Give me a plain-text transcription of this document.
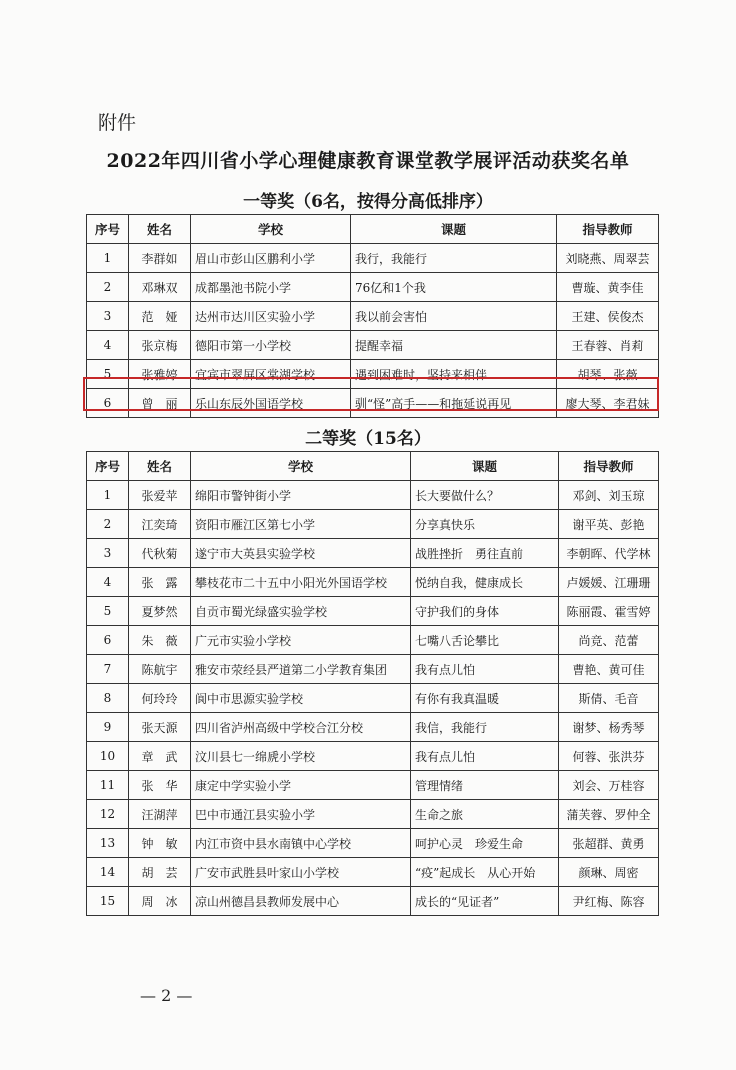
附件
2022年四川省小学心理健康教育课堂教学展评活动获奖名单
一等奖（6名，按得分高低排序）
序号	姓名	学校	课题	指导教师
1	李群如	眉山市彭山区鹏利小学	我行，我能行	刘晓燕、周翠芸
2	邓琳双	成都墨池书院小学	76亿和1个我	曹璇、黄李佳
3	范　娅	达州市达川区实验小学	我以前会害怕	王建、侯俊杰
4	张京梅	德阳市第一小学校	提醒幸福	王春蓉、肖莉
5	张雅婷	宜宾市翠屏区棠湖学校	遇到困难时，坚持来相伴	胡琴、张薇
6	曾　丽	乐山东辰外国语学校	驯“怪”高手——和拖延说再见	廖大琴、李君妹
二等奖（15名）
序号	姓名	学校	课题	指导教师
1	张爱苹	绵阳市警钟街小学	长大要做什么？	邓剑、刘玉琼
2	江奕琦	资阳市雁江区第七小学	分享真快乐	谢平英、彭艳
3	代秋菊	遂宁市大英县实验学校	战胜挫折　勇往直前	李朝晖、代学林
4	张　露	攀枝花市二十五中小阳光外国语学校	悦纳自我，健康成长	卢媛媛、江珊珊
5	夏梦然	自贡市蜀光绿盛实验学校	守护我们的身体	陈丽霞、霍雪婷
6	朱　薇	广元市实验小学校	七嘴八舌论攀比	尚竞、范蕾
7	陈航宇	雅安市荥经县严道第二小学教育集团	我有点儿怕	曹艳、黄可佳
8	何玲玲	阆中市思源实验学校	有你有我真温暖	斯倩、毛音
9	张天源	四川省泸州高级中学校合江分校	我信，我能行	谢梦、杨秀琴
10	章　武	汶川县七一绵虒小学校	我有点儿怕	何蓉、张洪芬
11	张　华	康定中学实验小学	管理情绪	刘会、万桂容
12	汪湖萍	巴中市通江县实验小学	生命之旅	蒲芙蓉、罗仲全
13	钟　敏	内江市资中县水南镇中心学校	呵护心灵　珍爱生命	张超群、黄勇
14	胡　芸	广安市武胜县叶家山小学校	“疫”起成长　从心开始	颜琳、周密
15	周　冰	凉山州德昌县教师发展中心	成长的“见证者”	尹红梅、陈容
— 2 —
